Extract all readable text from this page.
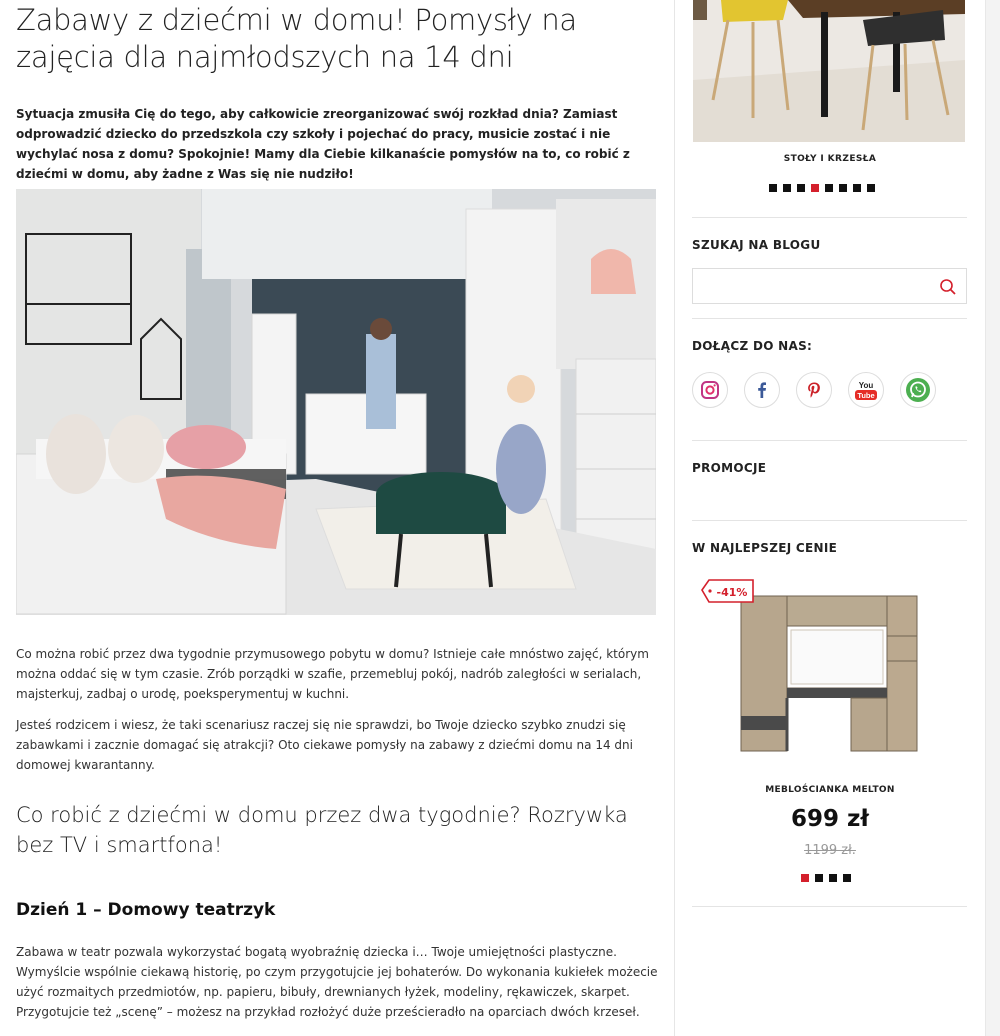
Zabawy z dziećmi w domu! Pomysły na zajęcia dla najmłodszych na 14 dni

Sytuacja zmusiła Cię do tego, aby całkowicie zreorganizować swój rozkład dnia? Zamiast odprowadzić dziecko do przedszkola czy szkoły i pojechać do pracy, musicie zostać i nie wychylać nosa z domu? Spokojnie! Mamy dla Ciebie kilkanaście pomysłów na to, co robić z dziećmi w domu, aby żadne z Was się nie nudziło!

Co można robić przez dwa tygodnie przymusowego pobytu w domu? Istnieje całe mnóstwo zajęć, którym można oddać się w tym czasie. Zrób porządki w szafie, przemebluj pokój, nadrób zaległości w serialach, majsterkuj, zadbaj o urodę, poeksperymentuj w kuchni.

Jesteś rodzicem i wiesz, że taki scenariusz raczej się nie sprawdzi, bo Twoje dziecko szybko znudzi się zabawkami i zacznie domagać się atrakcji? Oto ciekawe pomysły na zabawy z dziećmi domu na 14 dni domowej kwarantanny.

Co robić z dziećmi w domu przez dwa tygodnie? Rozrywka bez TV i smartfona!
Dzień 1 – Domowy teatrzyk

Zabawa w teatr pozwala wykorzystać bogatą wyobraźnię dziecka i… Twoje umiejętności plastyczne. Wymyślcie wspólnie ciekawą historię, po czym przygotujcie jej bohaterów. Do wykonania kukiełek możecie użyć rozmaitych przedmiotów, np. papieru, bibuły, drewnianych łyżek, modeliny, rękawiczek, skarpet. Przygotujcie też „scenę” – możesz na przykład rozłożyć duże prześcieradło na oparciach dwóch krzeseł.

STOŁY I KRZESŁA
SZUKAJ NA BLOGU
DOŁĄCZ DO NAS:
You
Tube
PROMOCJE
W NAJLEPSZEJ CENIE
-41%
MEBLOŚCIANKA MELTON
699 zł
1199 zł.
